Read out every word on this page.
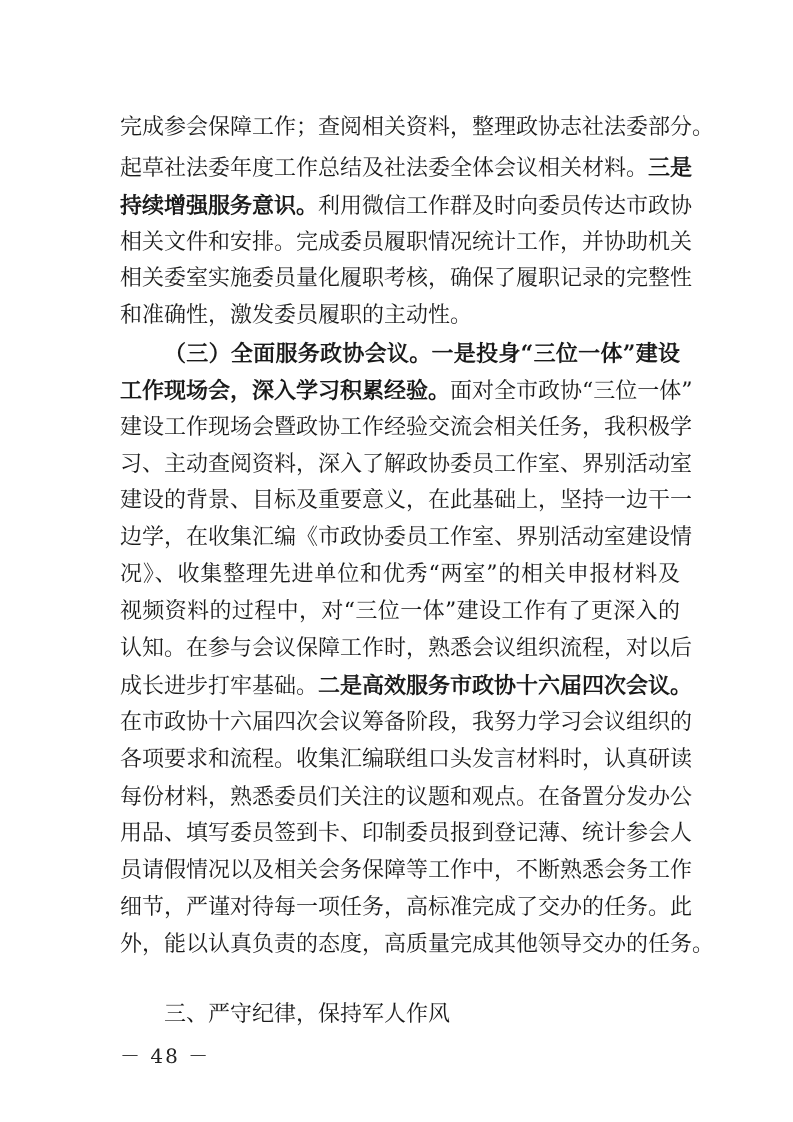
完成参会保障工作；查阅相关资料，整理政协志社法委部分。
起草社法委年度工作总结及社法委全体会议相关材料。三是
持续增强服务意识。利用微信工作群及时向委员传达市政协
相关文件和安排。完成委员履职情况统计工作，并协助机关
相关委室实施委员量化履职考核，确保了履职记录的完整性
和准确性，激发委员履职的主动性。
（三）全面服务政协会议。一是投身“三位一体”建设
工作现场会，深入学习积累经验。面对全市政协“三位一体”
建设工作现场会暨政协工作经验交流会相关任务，我积极学
习、主动查阅资料，深入了解政协委员工作室、界别活动室
建设的背景、目标及重要意义，在此基础上，坚持一边干一
边学，在收集汇编《市政协委员工作室、界别活动室建设情
况》、收集整理先进单位和优秀“两室”的相关申报材料及
视频资料的过程中，对“三位一体”建设工作有了更深入的
认知。在参与会议保障工作时，熟悉会议组织流程，对以后
成长进步打牢基础。二是高效服务市政协十六届四次会议。
在市政协十六届四次会议筹备阶段，我努力学习会议组织的
各项要求和流程。收集汇编联组口头发言材料时，认真研读
每份材料，熟悉委员们关注的议题和观点。在备置分发办公
用品、填写委员签到卡、印制委员报到登记薄、统计参会人
员请假情况以及相关会务保障等工作中，不断熟悉会务工作
细节，严谨对待每一项任务，高标准完成了交办的任务。此
外，能以认真负责的态度，高质量完成其他领导交办的任务。
三、严守纪律，保持军人作风
－ 48 －
